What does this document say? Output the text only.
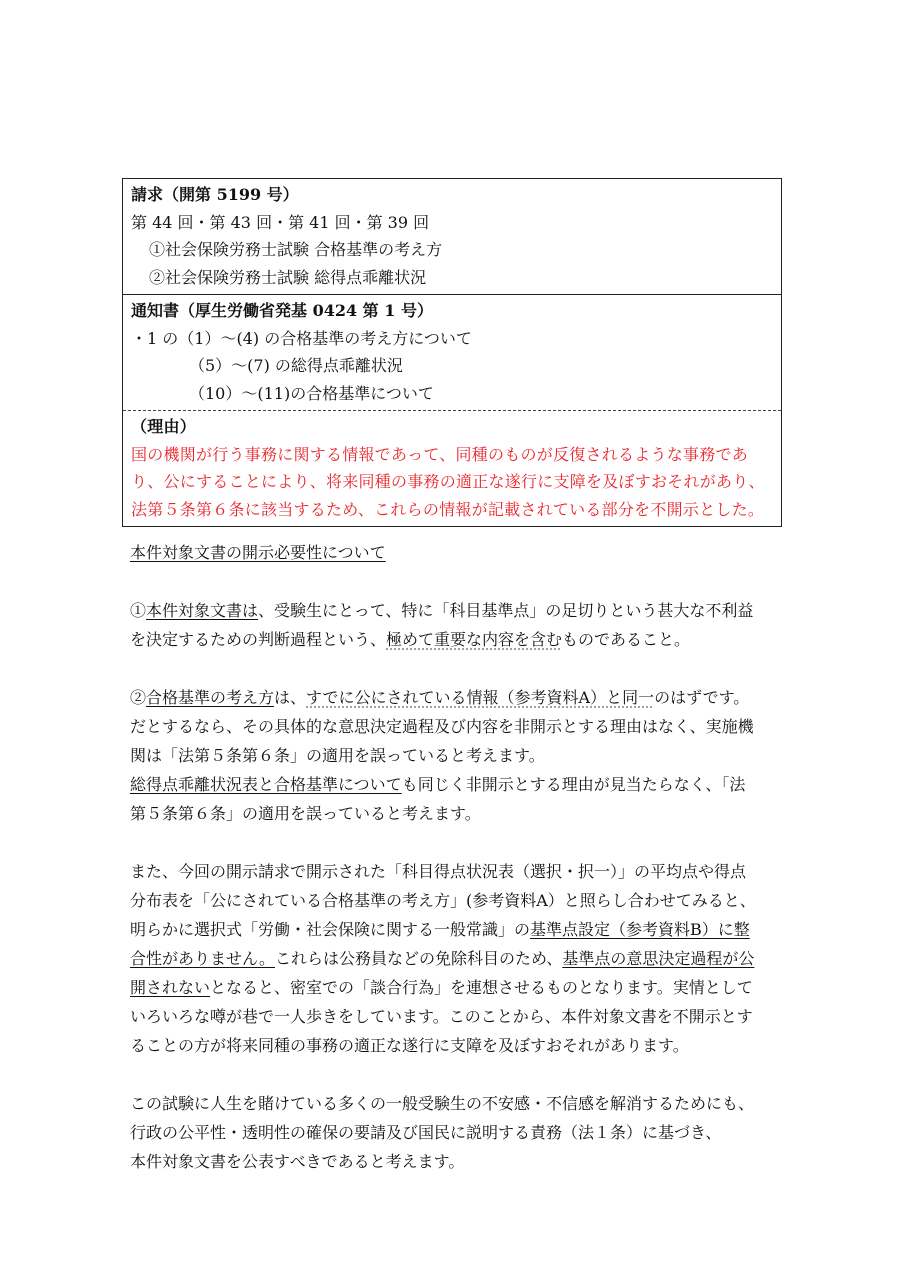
請求（開第 5199 号）
第 44 回・第 43 回・第 41 回・第 39 回
①社会保険労務士試験 合格基準の考え方
②社会保険労務士試験 総得点乖離状況
通知書（厚生労働省発基 0424 第 1 号）
・1 の（1）～(4) の合格基準の考え方について
（5）～(7) の総得点乖離状況
（10）～(11)の合格基準について
（理由）
国の機関が行う事務に関する情報であって、同種のものが反復されるような事務であ
り、公にすることにより、将来同種の事務の適正な遂行に支障を及ぼすおそれがあり、
法第５条第６条に該当するため、これらの情報が記載されている部分を不開示とした。
本件対象文書の開示必要性について
①本件対象文書は、受験生にとって、特に「科目基準点」の足切りという甚大な不利益
を決定するための判断過程という、極めて重要な内容を含むものであること。
②合格基準の考え方は、すでに公にされている情報（参考資料A）と同一のはずです。
だとするなら、その具体的な意思決定過程及び内容を非開示とする理由はなく、実施機
関は「法第５条第６条」の適用を誤っていると考えます。
総得点乖離状況表と合格基準についても同じく非開示とする理由が見当たらなく、「法
第５条第６条」の適用を誤っていると考えます。
また、今回の開示請求で開示された「科目得点状況表（選択・択一）」の平均点や得点
分布表を「公にされている合格基準の考え方」(参考資料A）と照らし合わせてみると、
明らかに選択式「労働・社会保険に関する一般常識」の基準点設定（参考資料B）に整
合性がありません。これらは公務員などの免除科目のため、基準点の意思決定過程が公
開されないとなると、密室での「談合行為」を連想させるものとなります。実情として
いろいろな噂が巷で一人歩きをしています。このことから、本件対象文書を不開示とす
ることの方が将来同種の事務の適正な遂行に支障を及ぼすおそれがあります。
この試験に人生を賭けている多くの一般受験生の不安感・不信感を解消するためにも、
行政の公平性・透明性の確保の要請及び国民に説明する責務（法１条）に基づき、
本件対象文書を公表すべきであると考えます。
